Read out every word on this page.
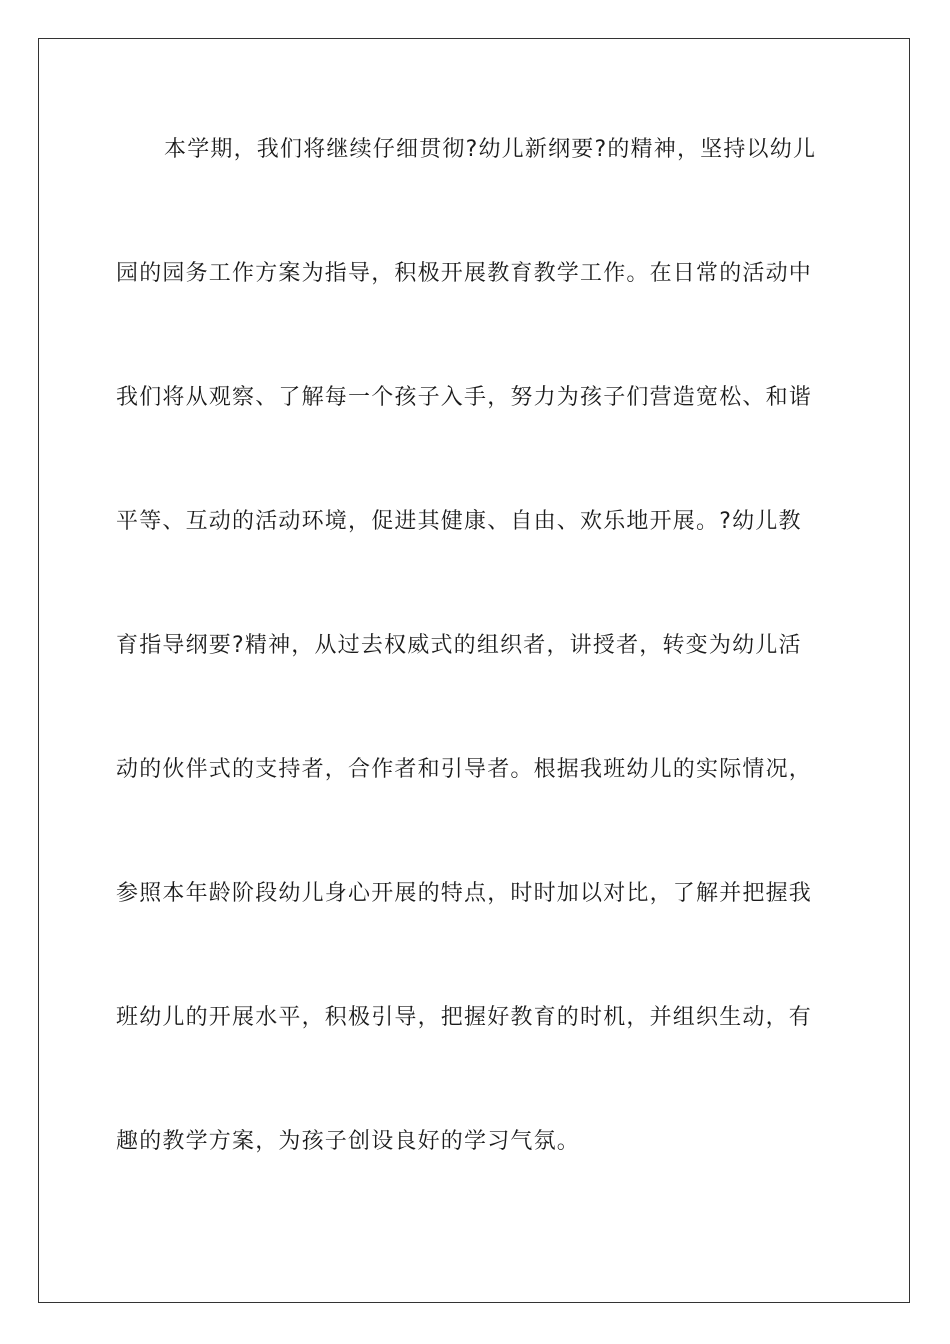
本学期，我们将继续仔细贯彻?幼儿新纲要?的精神，坚持以幼儿
园的园务工作方案为指导，积极开展教育教学工作。在日常的活动中
我们将从观察、了解每一个孩子入手，努力为孩子们营造宽松、和谐
平等、互动的活动环境，促进其健康、自由、欢乐地开展。?幼儿教
育指导纲要?精神，从过去权威式的组织者，讲授者，转变为幼儿活
动的伙伴式的支持者，合作者和引导者。根据我班幼儿的实际情况，
参照本年龄阶段幼儿身心开展的特点，时时加以对比，了解并把握我
班幼儿的开展水平，积极引导，把握好教育的时机，并组织生动，有
趣的教学方案，为孩子创设良好的学习气氛。
